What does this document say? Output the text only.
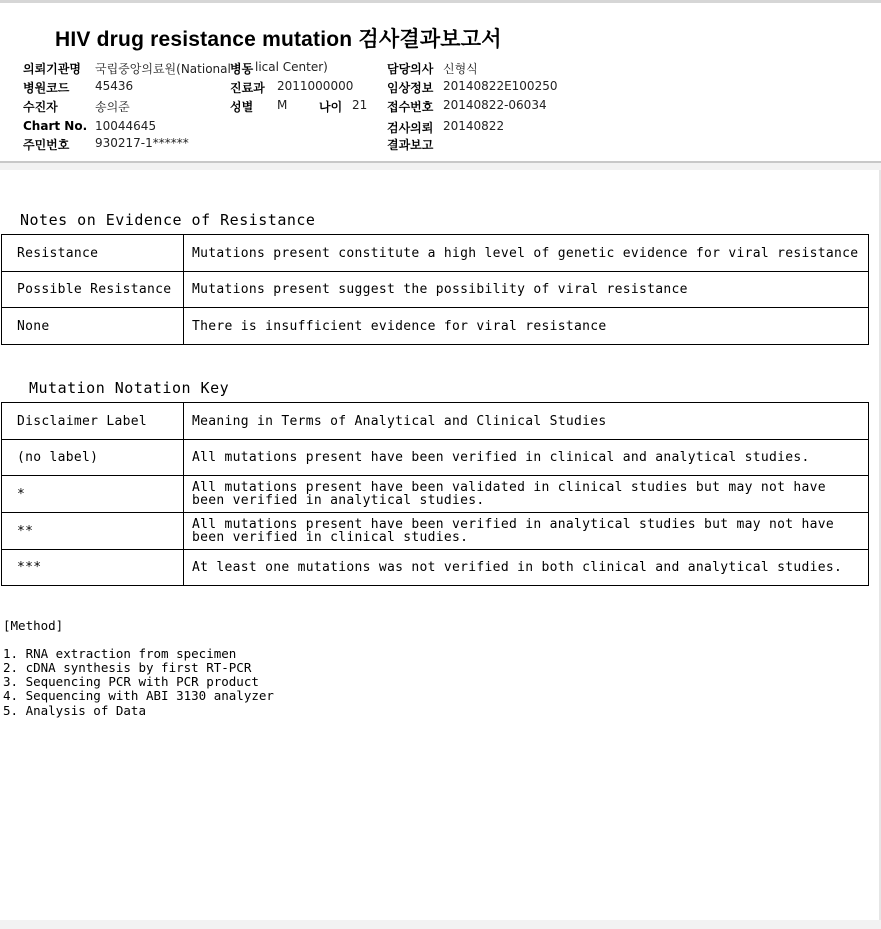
HIV drug resistance mutation 검사결과보고서
의뢰기관명 국립중앙의료원(National 병동 lical Center)	담당의사 신형식
병원코드 45436	진료과 2011000000	임상정보 20140822E100250
수진자	송의준	성별 M	나이 21 접수번호 20140822-06034
Chart No. 10044645	검사의뢰 20140822
주민번호 930217-1******	결과보고
Notes on Evidence of Resistance
Resistance	Mutations present constitute a high level of genetic evidence for viral resistance
Possible Resistance	Mutations present suggest the possibility of viral resistance
None	There is insufficient evidence for viral resistance
Mutation Notation Key
Disclaimer Label	Meaning in Terms of Analytical and Clinical Studies
(no label)	All mutations present have been verified in clinical and analytical studies.
*	All mutations present have been validated in clinical studies but may not have been verified in analytical studies.
**	All mutations present have been verified in analytical studies but may not have been verified in clinical studies.
***	At least one mutations was not verified in both clinical and analytical studies.
[Method]
1. RNA extraction from specimen
2. cDNA synthesis by first RT-PCR
3. Sequencing PCR with PCR product
4. Sequencing with ABI 3130 analyzer
5. Analysis of Data
